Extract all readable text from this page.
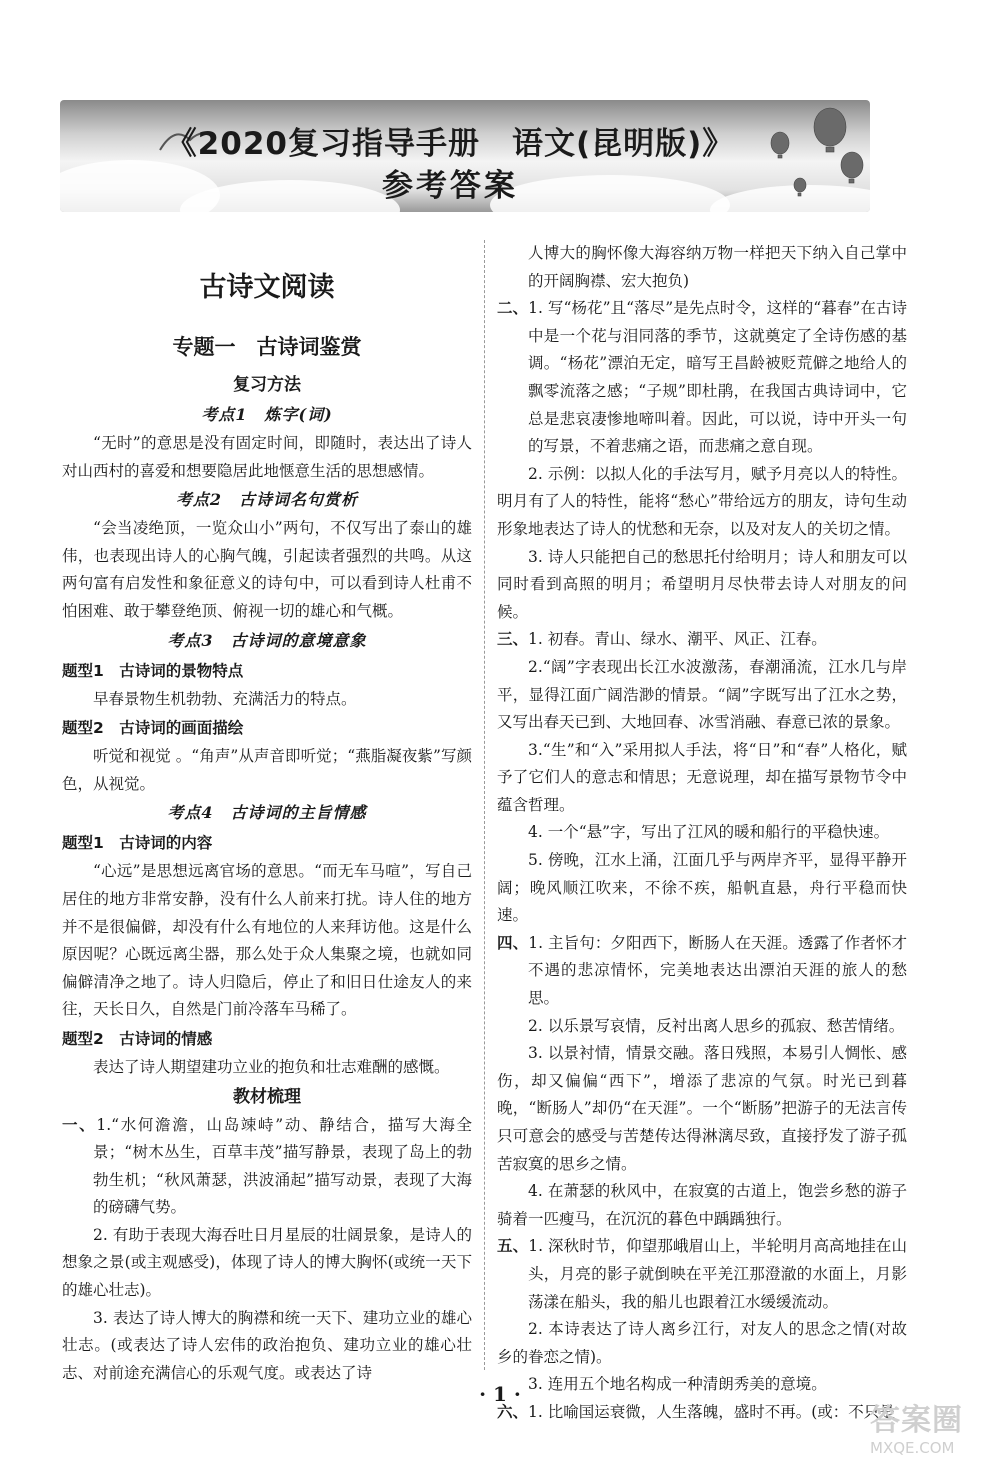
《2020复习指导手册　语文(昆明版)》
参考答案
古诗文阅读
专题一　古诗词鉴赏
复习方法
考点1　炼字(词)

“无时”的意思是没有固定时间，即随时，表达出了诗人对山西村的喜爱和想要隐居此地惬意生活的思想感情。

考点2　古诗词名句赏析

“会当凌绝顶，一览众山小”两句，不仅写出了泰山的雄伟，也表现出诗人的心胸气魄，引起读者强烈的共鸣。从这两句富有启发性和象征意义的诗句中，可以看到诗人杜甫不怕困难、敢于攀登绝顶、俯视一切的雄心和气概。

考点3　古诗词的意境意象
题型1　古诗词的景物特点

早春景物生机勃勃、充满活力的特点。

题型2　古诗词的画面描绘

听觉和视觉 。“角声”从声音即听觉；“燕脂凝夜紫”写颜色，从视觉。

考点4　古诗词的主旨情感
题型1　古诗词的内容

“心远”是思想远离官场的意思。“而无车马喧”，写自己居住的地方非常安静，没有什么人前来打扰。诗人住的地方并不是很偏僻，却没有什么有地位的人来拜访他。这是什么原因呢？心既远离尘器，那么处于众人集聚之境，也就如同偏僻清净之地了。诗人归隐后，停止了和旧日仕途友人的来往，天长日久，自然是门前冷落车马稀了。

题型2　古诗词的情感

表达了诗人期望建功立业的抱负和壮志难酬的感慨。

教材梳理
一、1.“水何澹澹，山岛竦峙”动、静结合，描写大海全景；“树木丛生，百草丰茂”描写静景，表现了岛上的勃勃生机；“秋风萧瑟，洪波涌起”描写动景，表现了大海的磅礴气势。

2. 有助于表现大海吞吐日月星辰的壮阔景象，是诗人的想象之景(或主观感受)，体现了诗人的博大胸怀(或统一天下的雄心壮志)。

3. 表达了诗人博大的胸襟和统一天下、建功立业的雄心壮志。(或表达了诗人宏伟的政治抱负、建功立业的雄心壮志、对前途充满信心的乐观气度。或表达了诗

人博大的胸怀像大海容纳万物一样把天下纳入自己掌中的开阔胸襟、宏大抱负)

二、1. 写“杨花”且“落尽”是先点时令，这样的“暮春”在古诗中是一个花与泪同落的季节，这就奠定了全诗伤感的基调。“杨花”漂泊无定，暗写王昌龄被贬荒僻之地给人的飘零流落之感；“子规”即杜鹃，在我国古典诗词中，它总是悲哀凄惨地啼叫着。因此，可以说，诗中开头一句的写景，不着悲痛之语，而悲痛之意自现。

2. 示例：以拟人化的手法写月，赋予月亮以人的特性。明月有了人的特性，能将“愁心”带给远方的朋友，诗句生动形象地表达了诗人的忧愁和无奈，以及对友人的关切之情。

3. 诗人只能把自己的愁思托付给明月；诗人和朋友可以同时看到高照的明月；希望明月尽快带去诗人对朋友的问候。

三、1. 初春。青山、绿水、潮平、风正、江春。

2.“阔”字表现出长江水波激荡，春潮涌流，江水几与岸平，显得江面广阔浩渺的情景。“阔”字既写出了江水之势，又写出春天已到、大地回春、冰雪消融、春意已浓的景象。

3.“生”和“入”采用拟人手法，将“日”和“春”人格化，赋予了它们人的意志和情思；无意说理，却在描写景物节令中蕴含哲理。

4. 一个“悬”字，写出了江风的暖和船行的平稳快速。

5. 傍晚，江水上涌，江面几乎与两岸齐平，显得平静开阔；晚风顺江吹来，不徐不疾，船帆直悬，舟行平稳而快速。

四、1. 主旨句：夕阳西下，断肠人在天涯。透露了作者怀才不遇的悲凉情怀，完美地表达出漂泊天涯的旅人的愁思。

2. 以乐景写哀情，反衬出离人思乡的孤寂、愁苦情绪。

3. 以景衬情，情景交融。落日残照，本易引人惆怅、感伤，却又偏偏“西下”，增添了悲凉的气氛。时光已到暮晚，“断肠人”却仍“在天涯”。一个“断肠”把游子的无法言传只可意会的感受与苦楚传达得淋漓尽致，直接抒发了游子孤苦寂寞的思乡之情。

4. 在萧瑟的秋风中，在寂寞的古道上，饱尝乡愁的游子骑着一匹瘦马，在沉沉的暮色中踽踽独行。

五、1. 深秋时节，仰望那峨眉山上，半轮明月高高地挂在山头，月亮的影子就倒映在平羌江那澄澈的水面上，月影荡漾在船头，我的船儿也跟着江水缓缓流动。

2. 本诗表达了诗人离乡江行，对友人的思念之情(对故乡的眷恋之情)。

3. 连用五个地名构成一种清朗秀美的意境。

六、1. 比喻国运衰微，人生落魄，盛时不再。(或：不只是
· 1 ·
答案圈
MXQE.COM
